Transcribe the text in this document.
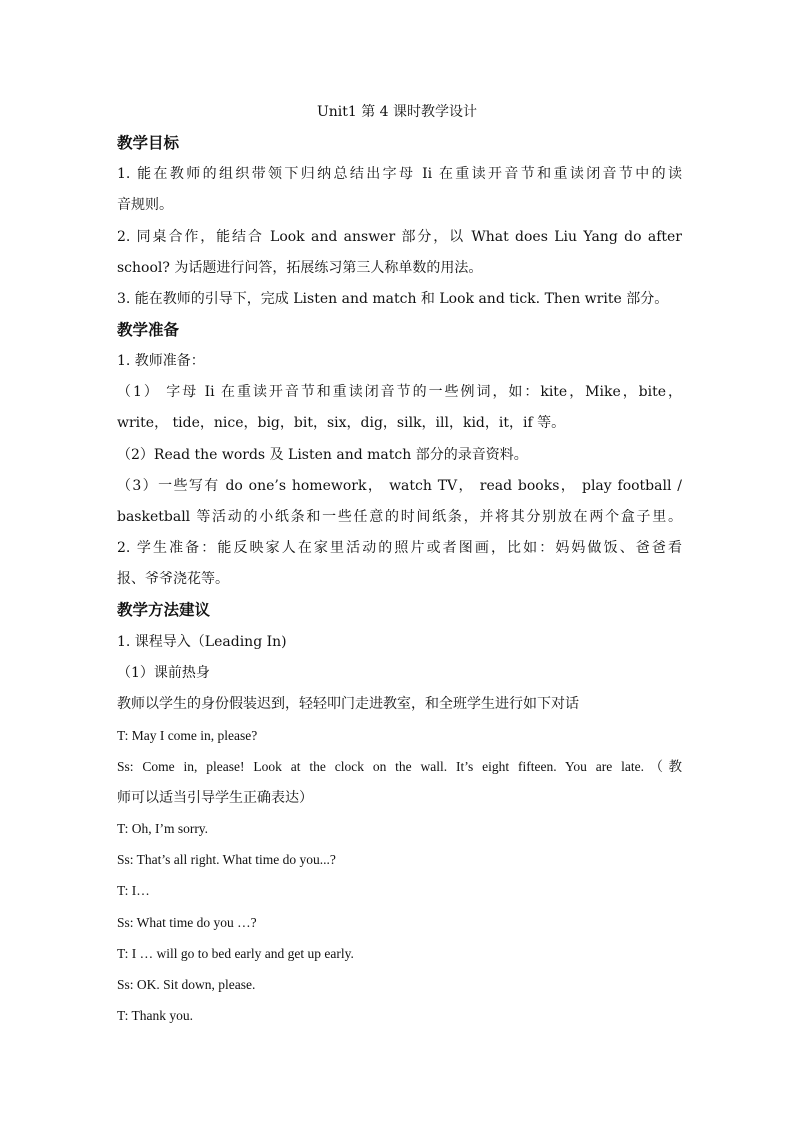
Unit1 第 4 课时教学设计
教学目标
1. 能在教师的组织带领下归纳总结出字母 Ii 在重读开音节和重读闭音节中的读
音规则。
2. 同桌合作，能结合 Look and answer 部分，以 What does Liu Yang do after
school? 为话题进行问答，拓展练习第三人称单数的用法。
3. 能在教师的引导下，完成 Listen and match 和 Look and tick. Then write 部分。
教学准备
1. 教师准备：
（1） 字母 Ii 在重读开音节和重读闭音节的一些例词，如：kite，Mike，bite，
write， tide，nice，big，bit，six，dig，silk，ill，kid，it，if 等。
（2）Read the words 及 Listen and match 部分的录音资料。
（3）一些写有 do one’s homework， watch TV， read books， play football /
basketball 等活动的小纸条和一些任意的时间纸条，并将其分别放在两个盒子里。
2. 学生准备：能反映家人在家里活动的照片或者图画，比如：妈妈做饭、爸爸看
报、爷爷浇花等。
教学方法建议
1. 课程导入（Leading In)
（1）课前热身
教师以学生的身份假装迟到，轻轻叩门走进教室，和全班学生进行如下对话
T: May I come in, please?
Ss: Come in, please! Look at the clock on the wall. It’s eight fifteen. You are late.（教
师可以适当引导学生正确表达）
T: Oh, I’m sorry.
Ss: That’s all right. What time do you...?
T: I…
Ss: What time do you …?
T: I … will go to bed early and get up early.
Ss: OK. Sit down, please.
T: Thank you.
